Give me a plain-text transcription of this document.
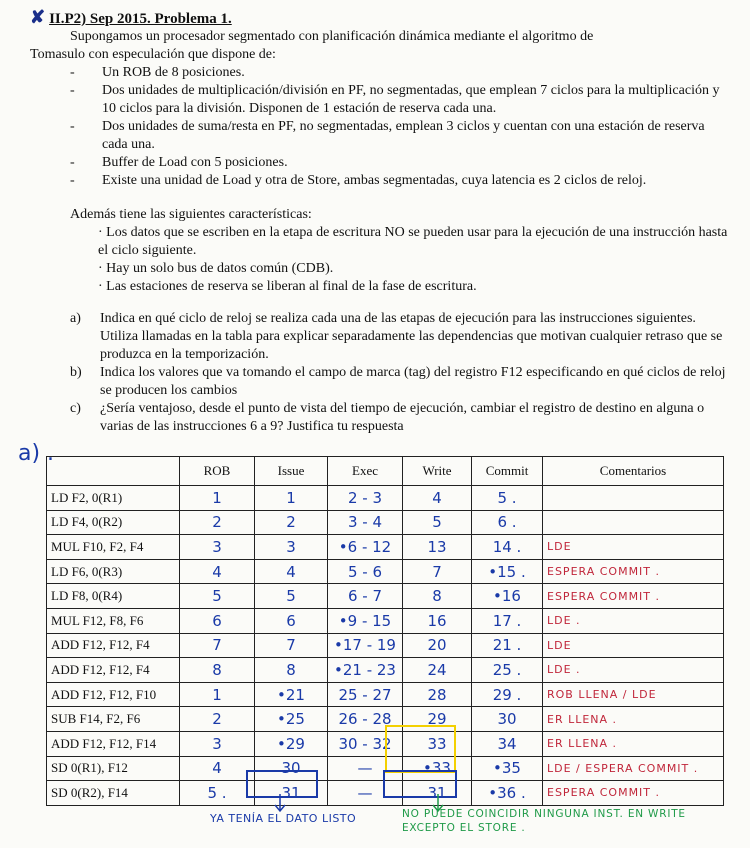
✘ II.P2) Sep 2015. Problema 1.
Supongamos un procesador segmentado con planificación dinámica mediante el algoritmo de
Tomasulo con especulación que dispone de:
- Un ROB de 8 posiciones.
- Dos unidades de multiplicación/división en PF, no segmentadas, que emplean 7 ciclos para la multiplicación y 10 ciclos para la división. Disponen de 1 estación de reserva cada una.
- Dos unidades de suma/resta en PF, no segmentadas, emplean 3 ciclos y cuentan con una estación de reserva cada una.
- Buffer de Load con 5 posiciones.
- Existe una unidad de Load y otra de Store, ambas segmentadas, cuya latencia es 2 ciclos de reloj.
Además tiene las siguientes características:
· Los datos que se escriben en la etapa de escritura NO se pueden usar para la ejecución de una instrucción hasta el ciclo siguiente.
· Hay un solo bus de datos común (CDB).
· Las estaciones de reserva se liberan al final de la fase de escritura.
a) Indica en qué ciclo de reloj se realiza cada una de las etapas de ejecución para las instrucciones siguientes. Utiliza llamadas en la tabla para explicar separadamente las dependencias que motivan cualquier retraso que se produzca en la temporización.
b) Indica los valores que va tomando el campo de marca (tag) del registro F12 especificando en qué ciclos de reloj se producen los cambios
c) ¿Sería ventajoso, desde el punto de vista del tiempo de ejecución, cambiar el registro de destino en alguna o varias de las instrucciones 6 a 9? Justifica tu respuesta
a) .
	ROB	Issue	Exec	Write	Commit	Comentarios
LD F2, 0(R1)	1	1	2 - 3	4	5 .	
LD F4, 0(R2)	2	2	3 - 4	5	6 .	
MUL F10, F2, F4	3	3	•6 - 12	13	14 .	LDE
LD F6, 0(R3)	4	4	5 - 6	7	•15 .	ESPERA COMMIT .
LD F8, 0(R4)	5	5	6 - 7	8	•16	ESPERA COMMIT .
MUL F12, F8, F6	6	6	•9 - 15	16	17 .	LDE .
ADD F12, F12, F4	7	7	•17 - 19	20	21 .	LDE
ADD F12, F12, F4	8	8	•21 - 23	24	25 .	LDE .
ADD F12, F12, F10	1	•21	25 - 27	28	29 .	ROB LLENA / LDE
SUB F14, F2, F6	2	•25	26 - 28	29	30	ER LLENA .
ADD F12, F12, F14	3	•29	30 - 32	33	34	ER LLENA .
SD 0(R1), F12	4	30	—	•33	•35	LDE / ESPERA COMMIT .
SD 0(R2), F14	5 .	31	—	31	•36 .	ESPERA COMMIT .
YA TENÍA EL DATO LISTO	NO PUEDE COINCIDIR NINGUNA INST. EN WRITE EXCEPTO EL STORE .
